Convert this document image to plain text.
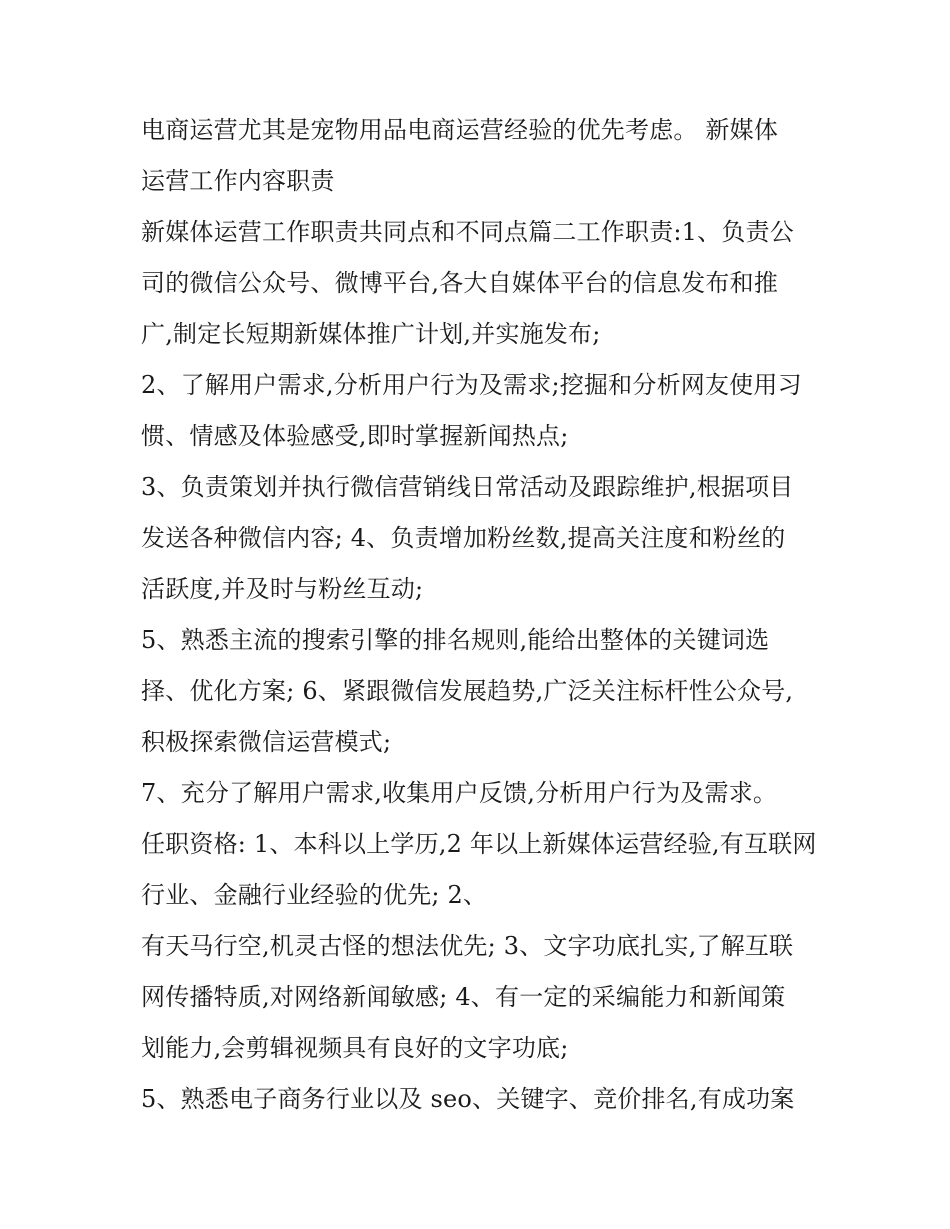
电商运营尤其是宠物用品电商运营经验的优先考虑。 新媒体
运营工作内容职责
新媒体运营工作职责共同点和不同点篇二工作职责:1、负责公
司的微信公众号、微博平台,各大自媒体平台的信息发布和推
广,制定长短期新媒体推广计划,并实施发布;
2、了解用户需求,分析用户行为及需求;挖掘和分析网友使用习
惯、情感及体验感受,即时掌握新闻热点;
3、负责策划并执行微信营销线日常活动及跟踪维护,根据项目
发送各种微信内容; 4、负责增加粉丝数,提高关注度和粉丝的
活跃度,并及时与粉丝互动;
5、熟悉主流的搜索引擎的排名规则,能给出整体的关键词选
择、优化方案; 6、紧跟微信发展趋势,广泛关注标杆性公众号,
积极探索微信运营模式;
7、充分了解用户需求,收集用户反馈,分析用户行为及需求。
任职资格: 1、本科以上学历,2 年以上新媒体运营经验,有互联网
行业、金融行业经验的优先; 2、
有天马行空,机灵古怪的想法优先; 3、文字功底扎实,了解互联
网传播特质,对网络新闻敏感; 4、有一定的采编能力和新闻策
划能力,会剪辑视频具有良好的文字功底;
5、熟悉电子商务行业以及 seo、关键字、竞价排名,有成功案
